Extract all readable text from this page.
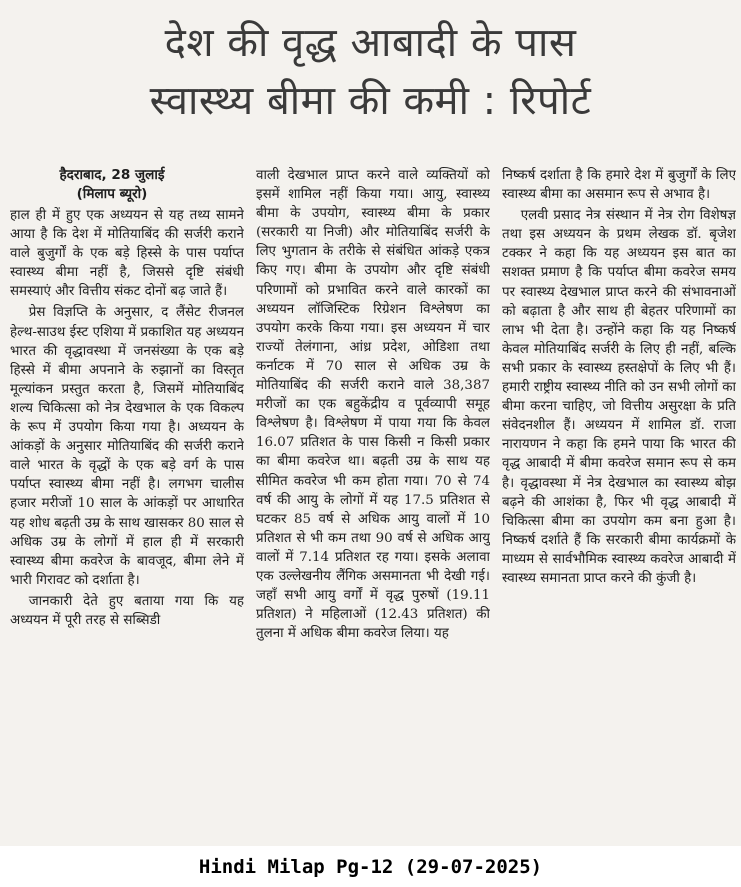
देश की वृद्ध आबादी के पास
स्वास्थ्य बीमा की कमी : रिपोर्ट
हैदराबाद, 28 जुलाई
(मिलाप ब्यूरो)

हाल ही में हुए एक अध्ययन से यह तथ्य सामने आया है कि देश में मोतियाबिंद की सर्जरी कराने वाले बुजुर्गों के एक बड़े हिस्से के पास पर्याप्त स्वास्थ्य बीमा नहीं है, जिससे दृष्टि संबंधी समस्याएं और वित्तीय संकट दोनों बढ़ जाते हैं।

प्रेस विज्ञप्ति के अनुसार, द लैंसेट रीजनल हेल्थ-साउथ ईस्ट एशिया में प्रकाशित यह अध्ययन भारत की वृद्धावस्था में जनसंख्या के एक बड़े हिस्से में बीमा अपनाने के रुझानों का विस्तृत मूल्यांकन प्रस्तुत करता है, जिसमें मोतियाबिंद शल्य चिकित्सा को नेत्र देखभाल के एक विकल्प के रूप में उपयोग किया गया है। अध्ययन के आंकड़ों के अनुसार मोतियाबिंद की सर्जरी कराने वाले भारत के वृद्धों के एक बड़े वर्ग के पास पर्याप्त स्वास्थ्य बीमा नहीं है। लगभग चालीस हजार मरीजों 10 साल के आंकड़ों पर आधारित यह शोध बढ़ती उम्र के साथ खासकर 80 साल से अधिक उम्र के लोगों में हाल ही में सरकारी स्वास्थ्य बीमा कवरेज के बावजूद, बीमा लेने में भारी गिरावट को दर्शाता है।

जानकारी देते हुए बताया गया कि यह अध्ययन में पूरी तरह से सब्सिडी

वाली देखभाल प्राप्त करने वाले व्यक्तियों को इसमें शामिल नहीं किया गया। आयु, स्वास्थ्य बीमा के उपयोग, स्वास्थ्य बीमा के प्रकार (सरकारी या निजी) और मोतियाबिंद सर्जरी के लिए भुगतान के तरीके से संबंधित आंकड़े एकत्र किए गए। बीमा के उपयोग और दृष्टि संबंधी परिणामों को प्रभावित करने वाले कारकों का अध्ययन लॉजिस्टिक रिग्रेशन विश्लेषण का उपयोग करके किया गया। इस अध्ययन में चार राज्यों तेलंगाना, आंध्र प्रदेश, ओडिशा तथा कर्नाटक में 70 साल से अधिक उम्र के मोतियाबिंद की सर्जरी कराने वाले 38,387 मरीजों का एक बहुकेंद्रीय व पूर्वव्यापी समूह विश्लेषण है। विश्लेषण में पाया गया कि केवल 16.07 प्रतिशत के पास किसी न किसी प्रकार का बीमा कवरेज था। बढ़ती उम्र के साथ यह सीमित कवरेज भी कम होता गया। 70 से 74 वर्ष की आयु के लोगों में यह 17.5 प्रतिशत से घटकर 85 वर्ष से अधिक आयु वालों में 10 प्रतिशत से भी कम तथा 90 वर्ष से अधिक आयु वालों में 7.14 प्रतिशत रह गया। इसके अलावा एक उल्लेखनीय लैंगिक असमानता भी देखी गई। जहाँ सभी आयु वर्गों में वृद्ध पुरुषों (19.11 प्रतिशत) ने महिलाओं (12.43 प्रतिशत) की तुलना में अधिक बीमा कवरेज लिया। यह

निष्कर्ष दर्शाता है कि हमारे देश में बुजुर्गों के लिए स्वास्थ्य बीमा का असमान रूप से अभाव है।

एलवी प्रसाद नेत्र संस्थान में नेत्र रोग विशेषज्ञ तथा इस अध्ययन के प्रथम लेखक डॉ. बृजेश टक्कर ने कहा कि यह अध्ययन इस बात का सशक्त प्रमाण है कि पर्याप्त बीमा कवरेज समय पर स्वास्थ्य देखभाल प्राप्त करने की संभावनाओं को बढ़ाता है और साथ ही बेहतर परिणामों का लाभ भी देता है। उन्होंने कहा कि यह निष्कर्ष केवल मोतियाबिंद सर्जरी के लिए ही नहीं, बल्कि सभी प्रकार के स्वास्थ्य हस्तक्षेपों के लिए भी हैं। हमारी राष्ट्रीय स्वास्थ्य नीति को उन सभी लोगों का बीमा करना चाहिए, जो वित्तीय असुरक्षा के प्रति संवेदनशील हैं। अध्ययन में शामिल डॉ. राजा नारायणन ने कहा कि हमने पाया कि भारत की वृद्ध आबादी में बीमा कवरेज समान रूप से कम है। वृद्धावस्था में नेत्र देखभाल का स्वास्थ्य बोझ बढ़ने की आशंका है, फिर भी वृद्ध आबादी में चिकित्सा बीमा का उपयोग कम बना हुआ है। निष्कर्ष दर्शाते हैं कि सरकारी बीमा कार्यक्रमों के माध्यम से सार्वभौमिक स्वास्थ्य कवरेज आबादी में स्वास्थ्य समानता प्राप्त करने की कुंजी है।

Hindi Milap Pg-12 (29-07-2025)
